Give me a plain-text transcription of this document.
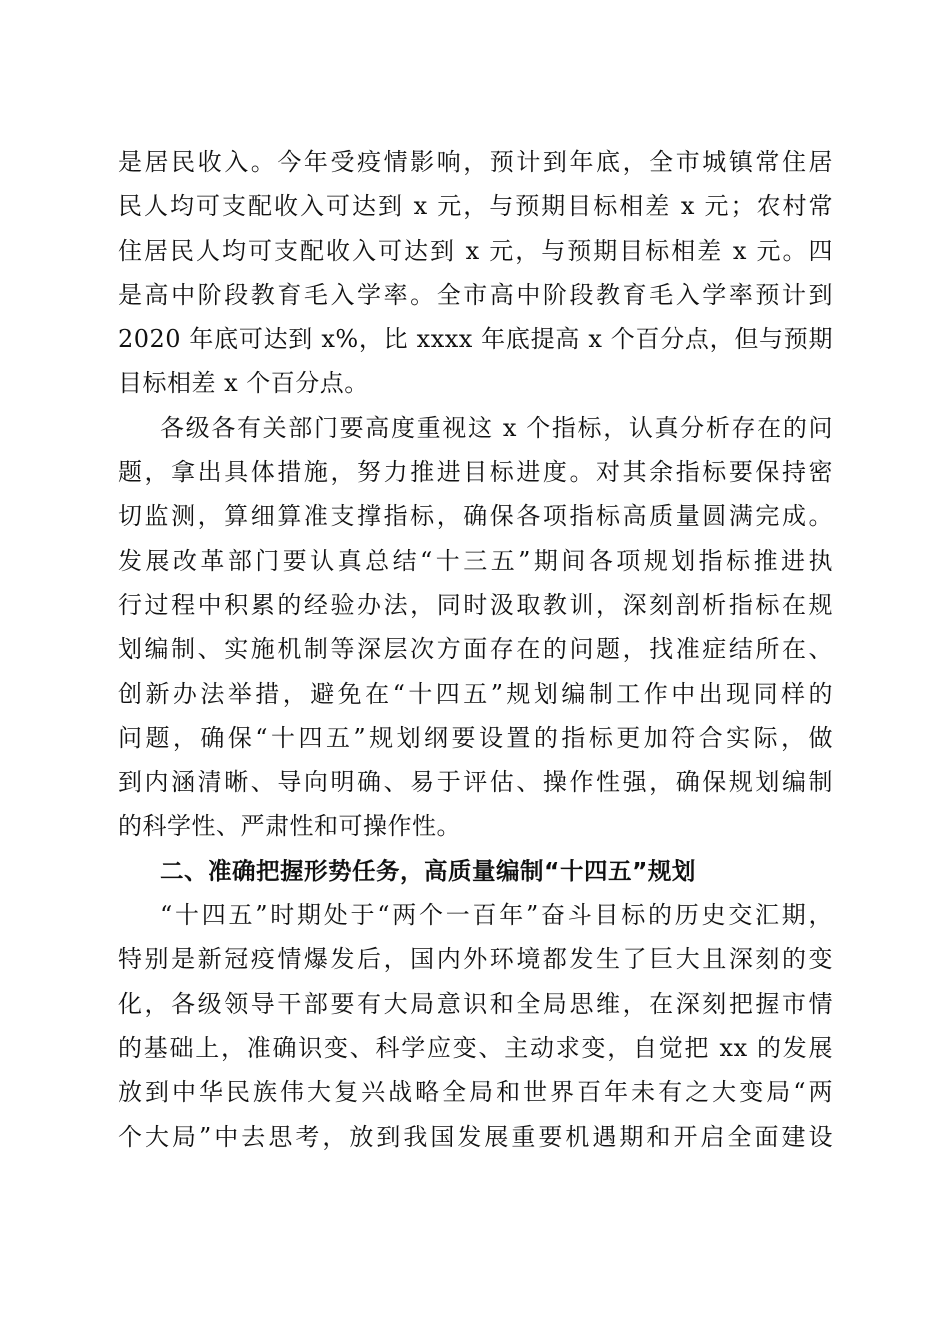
是居民收入。今年受疫情影响，预计到年底，全市城镇常住居
民人均可支配收入可达到 x 元，与预期目标相差 x 元；农村常
住居民人均可支配收入可达到 x 元，与预期目标相差 x 元。四
是高中阶段教育毛入学率。全市高中阶段教育毛入学率预计到
2020 年底可达到 x%，比 xxxx 年底提高 x 个百分点，但与预期
目标相差 x 个百分点。
各级各有关部门要高度重视这 x 个指标，认真分析存在的问
题，拿出具体措施，努力推进目标进度。对其余指标要保持密
切监测，算细算准支撑指标，确保各项指标高质量圆满完成。
发展改革部门要认真总结“十三五”期间各项规划指标推进执
行过程中积累的经验办法，同时汲取教训，深刻剖析指标在规
划编制、实施机制等深层次方面存在的问题，找准症结所在、
创新办法举措，避免在“十四五”规划编制工作中出现同样的
问题，确保“十四五”规划纲要设置的指标更加符合实际，做
到内涵清晰、导向明确、易于评估、操作性强，确保规划编制
的科学性、严肃性和可操作性。
二、准确把握形势任务，高质量编制“十四五”规划
“十四五”时期处于“两个一百年”奋斗目标的历史交汇期，
特别是新冠疫情爆发后，国内外环境都发生了巨大且深刻的变
化，各级领导干部要有大局意识和全局思维，在深刻把握市情
的基础上，准确识变、科学应变、主动求变，自觉把 xx 的发展
放到中华民族伟大复兴战略全局和世界百年未有之大变局“两
个大局”中去思考，放到我国发展重要机遇期和开启全面建设
